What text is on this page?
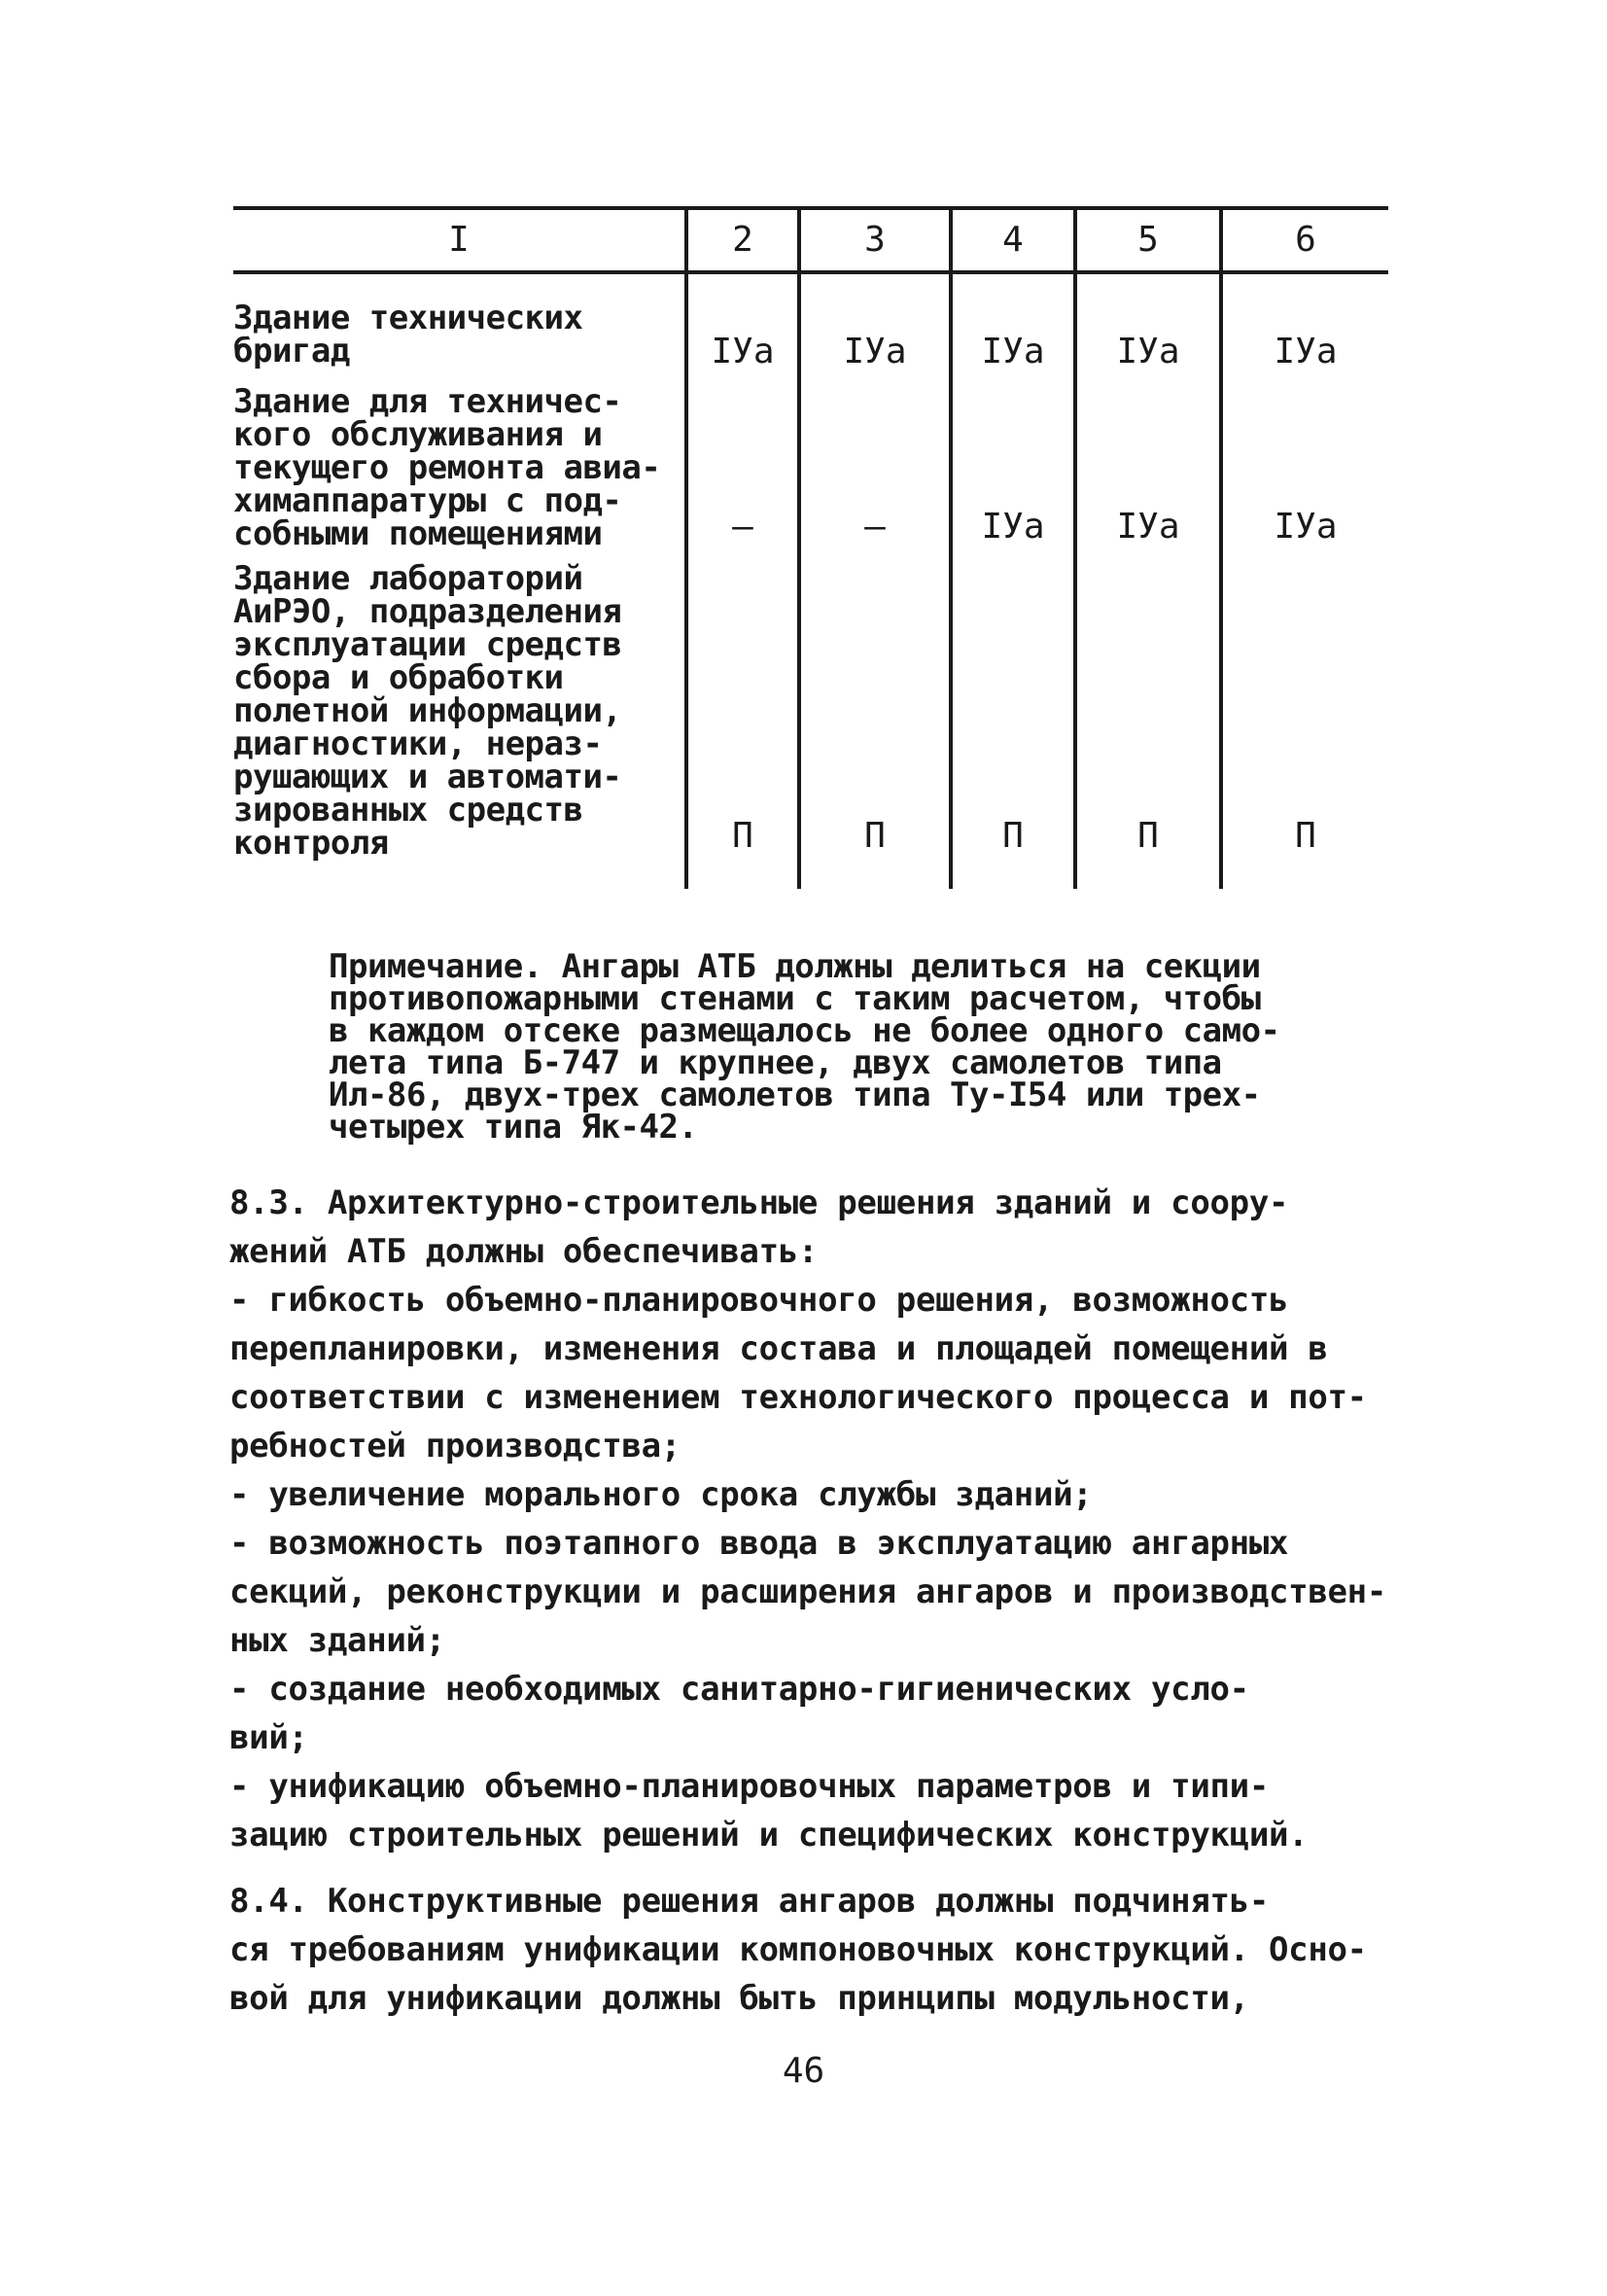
I	2	3	4	5	6
Здание технических
бригад	IУа	IУа	IУа	IУа	IУа
Здание для техничес-
кого обслуживания и
текущего ремонта авиа-
химаппаратуры с под-
собными помещениями	–	–	IУа	IУа	IУа
Здание лабораторий
АиРЭО, подразделения
эксплуатации средств
сбора и обработки
полетной информации,
диагностики, нераз-
рушающих и автомати-
зированных средств
контроля	П	П	П	П	П
Примечание. Ангары АТБ должны делиться на секции
противопожарными стенами с таким расчетом, чтобы
в каждом отсеке размещалось не более одного само-
лета типа Б-747 и крупнее, двух самолетов типа
Ил-86, двух-трех самолетов типа Ту-I54 или трех-
четырех типа Як-42.
8.3. Архитектурно-строительные решения зданий и соору-
жений АТБ должны обеспечивать:
- гибкость объемно-планировочного решения, возможность
перепланировки, изменения состава и площадей помещений в
соответствии с изменением технологического процесса и пот-
ребностей производства;
- увеличение морального срока службы зданий;
- возможность поэтапного ввода в эксплуатацию ангарных
секций, реконструкции и расширения ангаров и производствен-
ных зданий;
- создание необходимых санитарно-гигиенических усло-
вий;
- унификацию объемно-планировочных параметров и типи-
зацию строительных решений и специфических конструкций.
8.4. Конструктивные решения ангаров должны подчинять-
ся требованиям унификации компоновочных конструкций. Осно-
вой для унификации должны быть принципы модульности,
46
